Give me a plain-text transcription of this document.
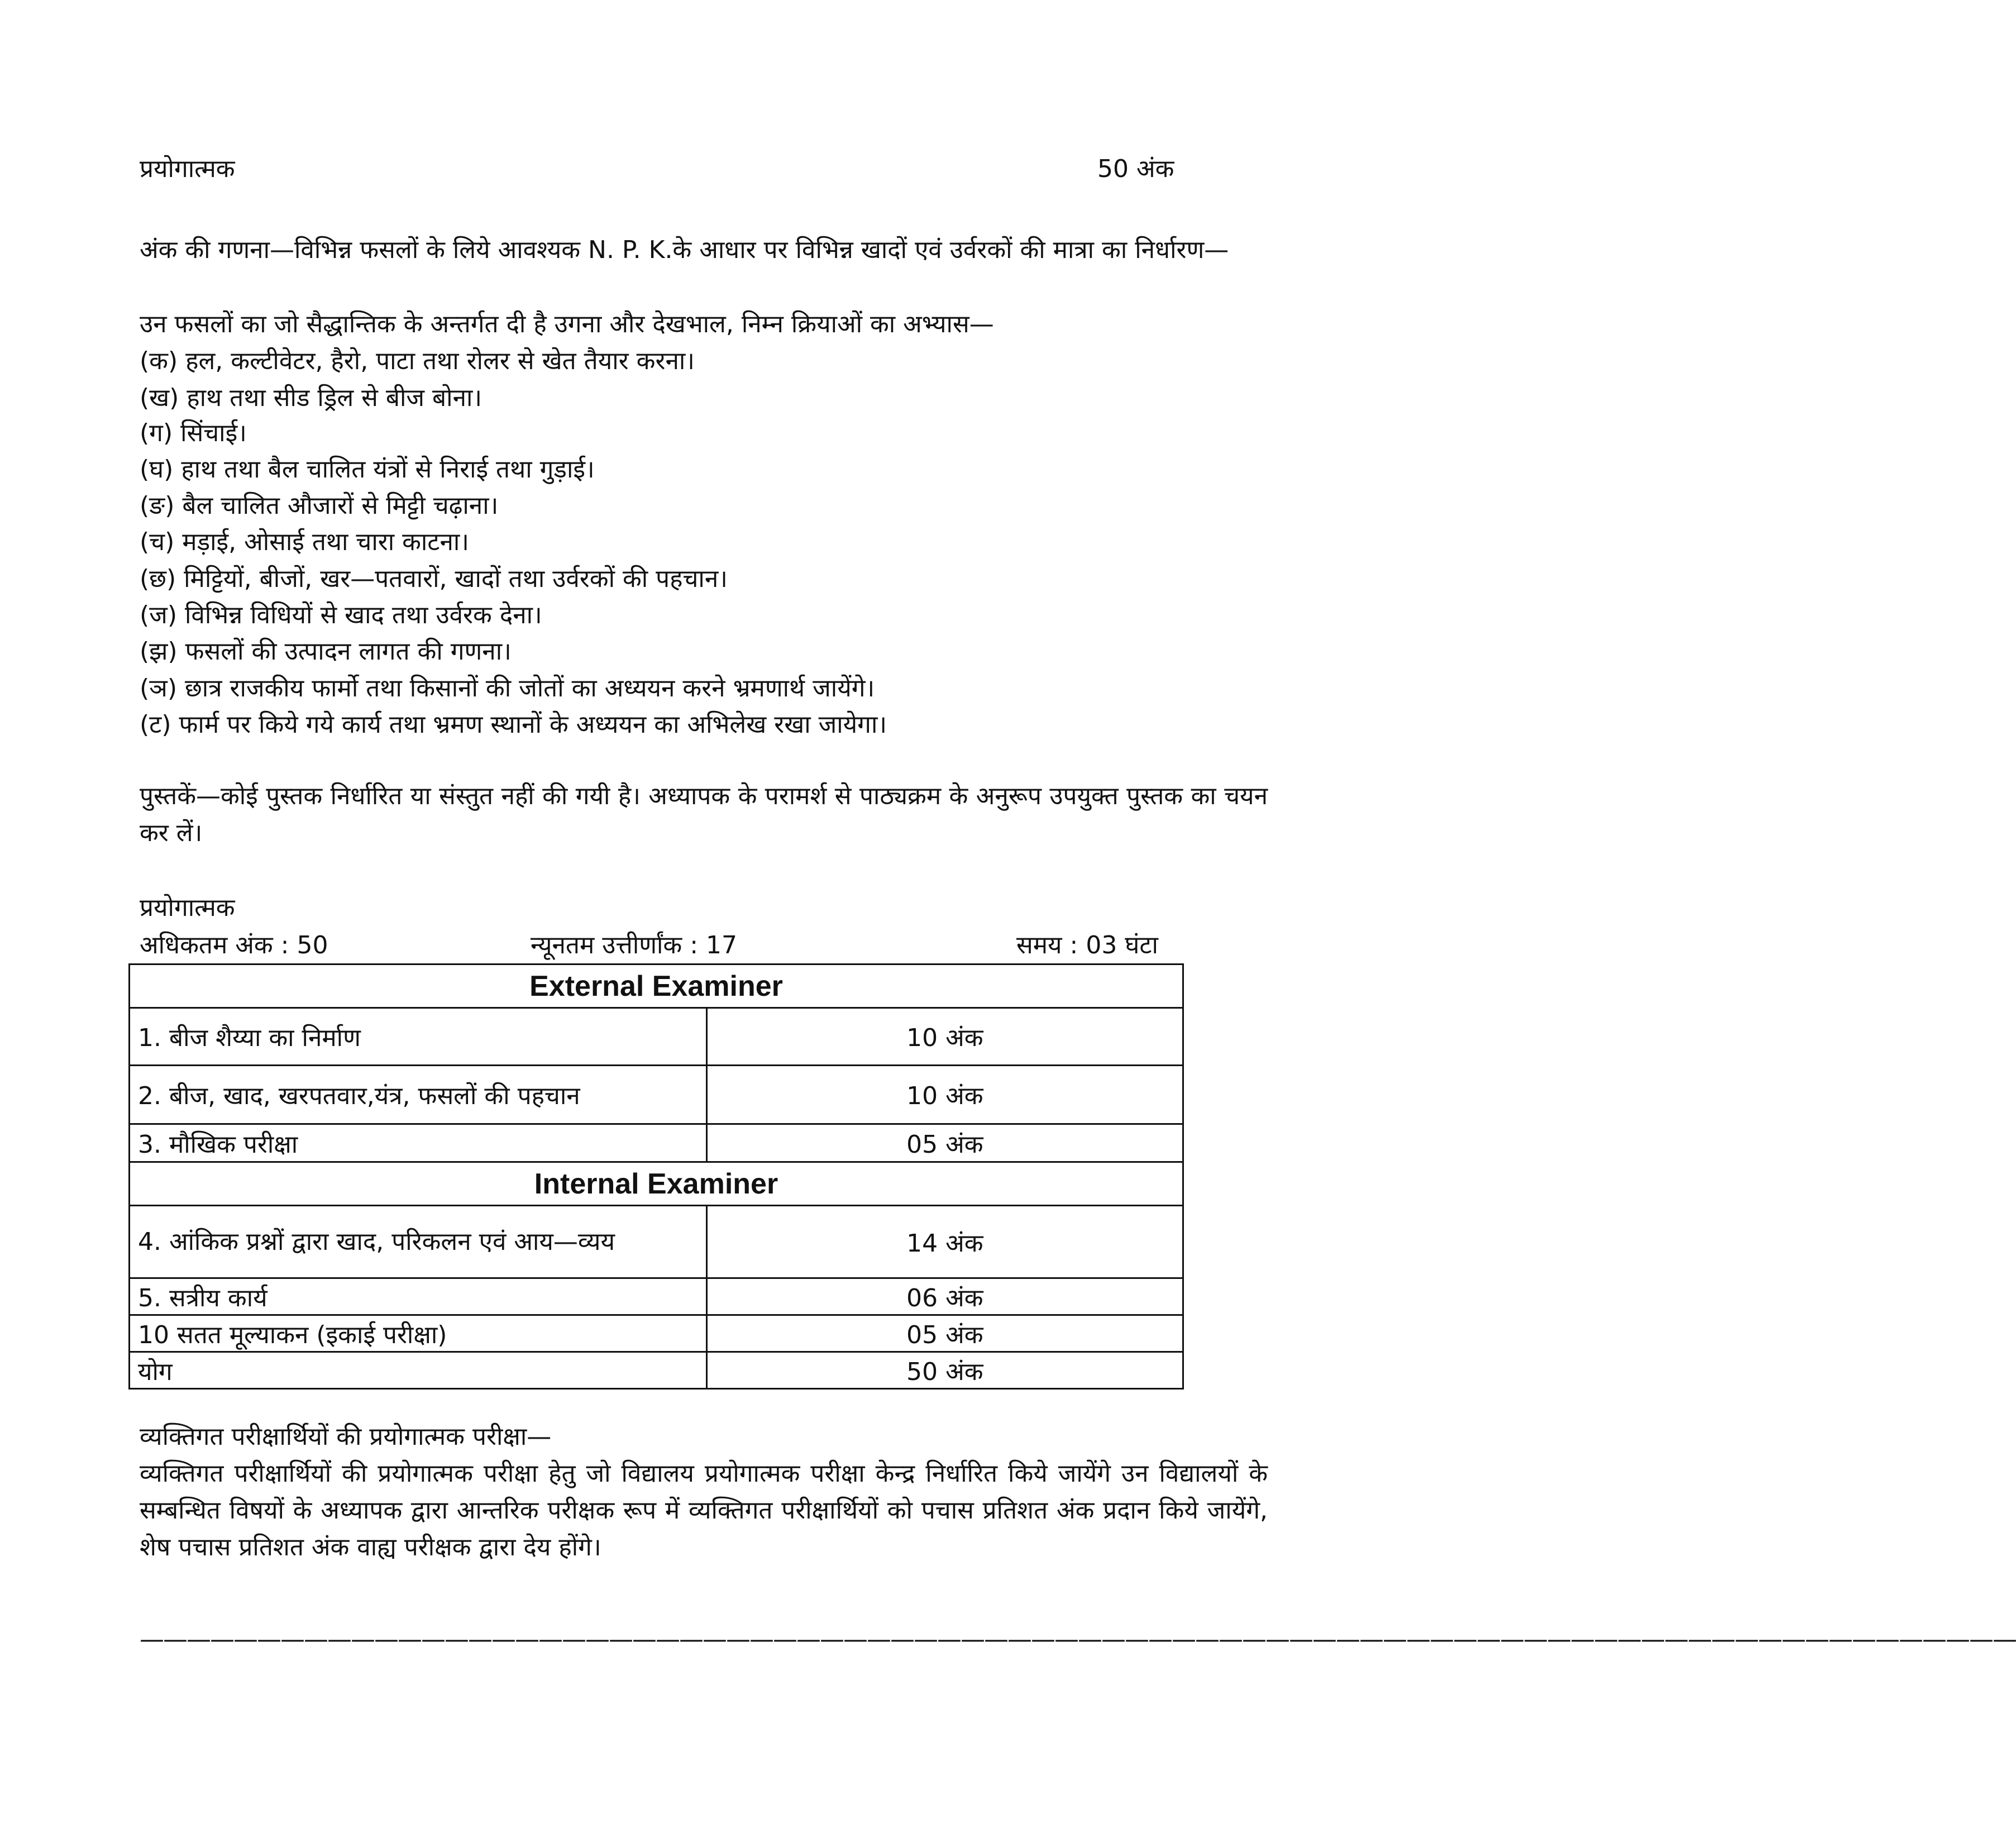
प्रयोगात्मक	50 अंक
अंक की गणना—विभिन्न फसलों के लिये आवश्यक N. P. K.के आधार पर विभिन्न खादों एवं उर्वरकों की मात्रा का निर्धारण—
उन फसलों का जो सैद्धान्तिक के अन्तर्गत दी है उगना और देखभाल, निम्न क्रियाओं का अभ्यास—
(क) हल, कल्टीवेटर, हैरो, पाटा तथा रोलर से खेत तैयार करना।
(ख) हाथ तथा सीड ड्रिल से बीज बोना।
(ग) सिंचाई।
(घ) हाथ तथा बैल चालित यंत्रों से निराई तथा गुड़ाई।
(ङ) बैल चालित औजारों से मिट्टी चढ़ाना।
(च) मड़ाई, ओसाई तथा चारा काटना।
(छ) मिट्टियों, बीजों, खर—पतवारों, खादों तथा उर्वरकों की पहचान।
(ज) विभिन्न विधियों से खाद तथा उर्वरक देना।
(झ) फसलों की उत्पादन लागत की गणना।
(ञ) छात्र राजकीय फार्मो तथा किसानों की जोतों का अध्ययन करने भ्रमणार्थ जायेंगे।
(ट) फार्म पर किये गये कार्य तथा भ्रमण स्थानों के अध्ययन का अभिलेख रखा जायेगा।
पुस्तकें—कोई पुस्तक निर्धारित या संस्तुत नहीं की गयी है। अध्यापक के परामर्श से पाठ्यक्रम के अनुरूप उपयुक्त पुस्तक का चयन कर लें।
प्रयोगात्मक
अधिकतम अंक : 50	न्यूनतम उत्तीर्णांक : 17	समय : 03 घंटा
External Examiner	
1. बीज शैय्या का निर्माण	10 अंक
2. बीज, खाद, खरपतवार,यंत्र, फसलों की पहचान	10 अंक
3. मौखिक परीक्षा	05 अंक
Internal Examiner	
4. आंकिक प्रश्नों द्वारा खाद, परिकलन एवं आय—व्यय	14 अंक
5. सत्रीय कार्य	06 अंक
10 सतत मूल्याकन (इकाई परीक्षा)	05 अंक
योग	50 अंक
व्यक्तिगत परीक्षार्थियों की प्रयोगात्मक परीक्षा—
व्यक्तिगत परीक्षार्थियों की प्रयोगात्मक परीक्षा हेतु जो विद्यालय प्रयोगात्मक परीक्षा केन्द्र निर्धारित किये जायेंगे उन विद्यालयों के सम्बन्धित विषयों के अध्यापक द्वारा आन्तरिक परीक्षक रूप में व्यक्तिगत परीक्षार्थियों को पचास प्रतिशत अंक प्रदान किये जायेंगे, शेष पचास प्रतिशत अंक वाह्य परीक्षक द्वारा देय होंगे।
————————————————————————————————————————————————————————————————————————————————
